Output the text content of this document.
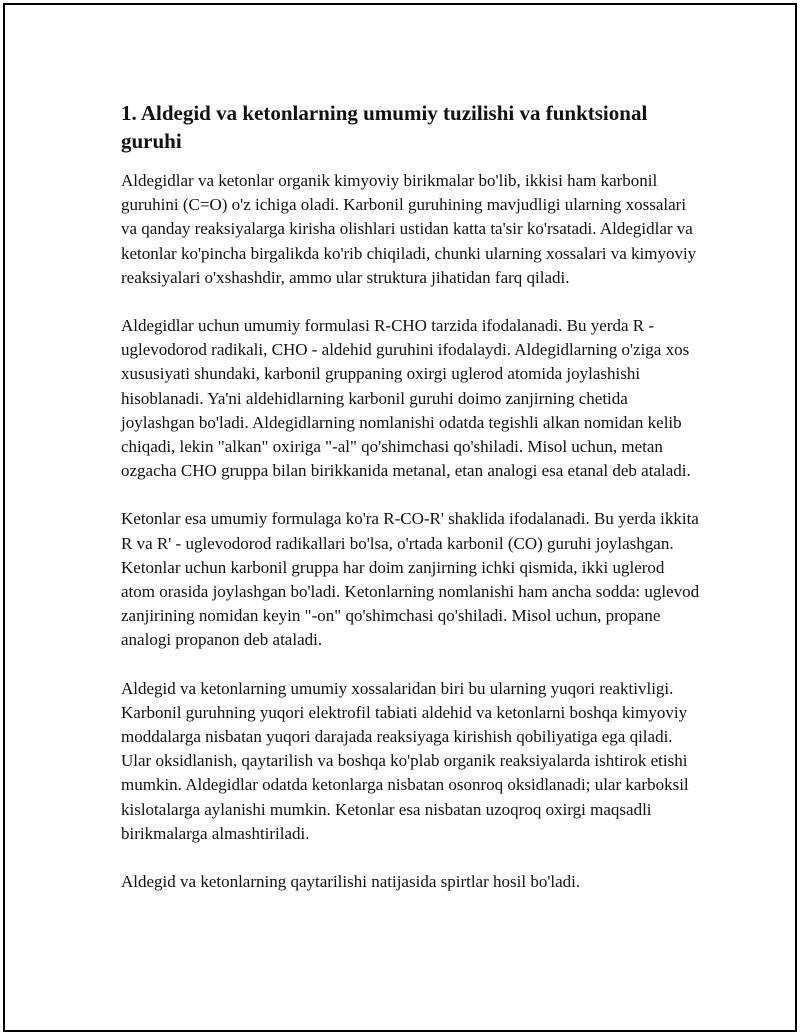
1. Aldegid va ketonlarning umumiy tuzilishi va funktsional guruhi

Aldegidlar va ketonlar organik kimyoviy birikmalar bo'lib, ikkisi ham karbonil guruhini (C=O) o'z ichiga oladi. Karbonil guruhining mavjudligi ularning xossalari va qanday reaksiyalarga kirisha olishlari ustidan katta ta'sir ko'rsatadi. Aldegidlar va ketonlar ko'pincha birgalikda ko'rib chiqiladi, chunki ularning xossalari va kimyoviy reaksiyalari o'xshashdir, ammo ular struktura jihatidan farq qiladi.

Aldegidlar uchun umumiy formulasi R-CHO tarzida ifodalanadi. Bu yerda R - uglevodorod radikali, CHO - aldehid guruhini ifodalaydi. Aldegidlarning o'ziga xos xususiyati shundaki, karbonil gruppaning oxirgi uglerod atomida joylashishi hisoblanadi. Ya'ni aldehidlarning karbonil guruhi doimo zanjirning chetida joylashgan bo'ladi. Aldegidlarning nomlanishi odatda tegishli alkan nomidan kelib chiqadi, lekin "alkan" oxiriga "-al" qo'shimchasi qo'shiladi. Misol uchun, metan ozgacha CHO gruppa bilan birikkanida metanal, etan analogi esa etanal deb ataladi.

Ketonlar esa umumiy formulaga ko'ra R-CO-R' shaklida ifodalanadi. Bu yerda ikkita R va R' - uglevodorod radikallari bo'lsa, o'rtada karbonil (CO) guruhi joylashgan. Ketonlar uchun karbonil gruppa har doim zanjirning ichki qismida, ikki uglerod atom orasida joylashgan bo'ladi. Ketonlarning nomlanishi ham ancha sodda: uglevod zanjirining nomidan keyin "-on" qo'shimchasi qo'shiladi. Misol uchun, propane analogi propanon deb ataladi.

Aldegid va ketonlarning umumiy xossalaridan biri bu ularning yuqori reaktivligi. Karbonil guruhning yuqori elektrofil tabiati aldehid va ketonlarni boshqa kimyoviy moddalarga nisbatan yuqori darajada reaksiyaga kirishish qobiliyatiga ega qiladi. Ular oksidlanish, qaytarilish va boshqa ko'plab organik reaksiyalarda ishtirok etishi mumkin. Aldegidlar odatda ketonlarga nisbatan osonroq oksidlanadi; ular karboksil kislotalarga aylanishi mumkin. Ketonlar esa nisbatan uzoqroq oxirgi maqsadli birikmalarga almashtiriladi.

Aldegid va ketonlarning qaytarilishi natijasida spirtlar hosil bo'ladi.
